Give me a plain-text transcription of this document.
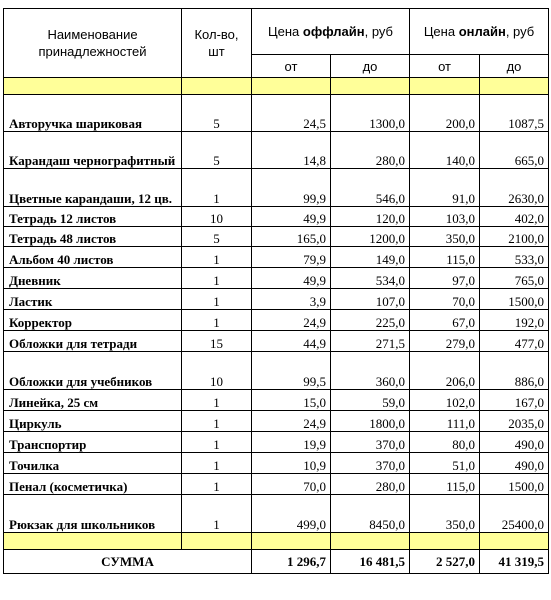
Наименование принадлежностей	Кол-во, шт	Цена оффлайн, руб		Цена онлайн, руб	
		от	до	от	до

Авторучка шариковая	5	24,5	1300,0	200,0	1087,5
Карандаш чернографитный	5	14,8	280,0	140,0	665,0
Цветные карандаши, 12 цв.	1	99,9	546,0	91,0	2630,0
Тетрадь 12 листов	10	49,9	120,0	103,0	402,0
Тетрадь 48 листов	5	165,0	1200,0	350,0	2100,0
Альбом 40 листов	1	79,9	149,0	115,0	533,0
Дневник	1	49,9	534,0	97,0	765,0
Ластик	1	3,9	107,0	70,0	1500,0
Корректор	1	24,9	225,0	67,0	192,0
Обложки для тетради	15	44,9	271,5	279,0	477,0
Обложки для учебников	10	99,5	360,0	206,0	886,0
Линейка, 25 см	1	15,0	59,0	102,0	167,0
Циркуль	1	24,9	1800,0	111,0	2035,0
Транспортир	1	19,9	370,0	80,0	490,0
Точилка	1	10,9	370,0	51,0	490,0
Пенал (косметичка)	1	70,0	280,0	115,0	1500,0
Рюкзак для школьников	1	499,0	8450,0	350,0	25400,0

СУММА		1 296,7	16 481,5	2 527,0	41 319,5
